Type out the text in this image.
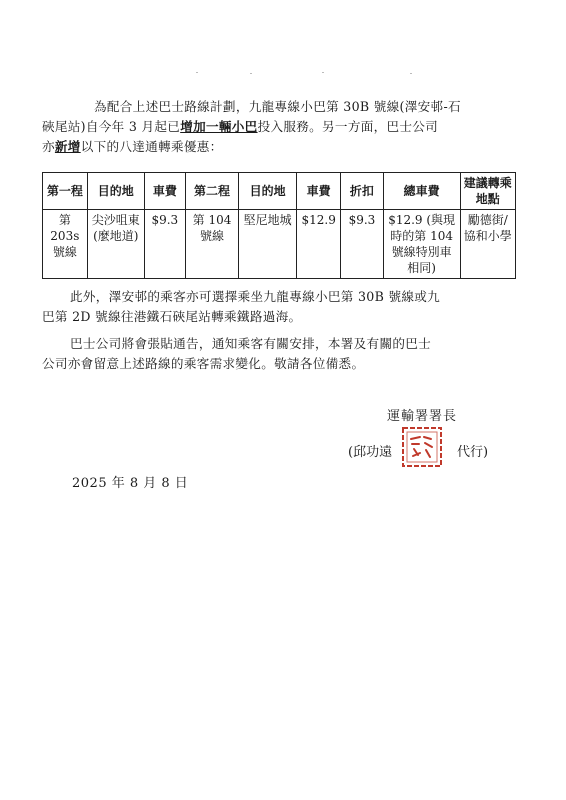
為配合上述巴士路線計劃，九龍專線小巴第 30B 號線(澤安邨-石
硤尾站)自今年 3 月起已增加一輛小巴投入服務。另一方面，巴士公司
亦新增以下的八達通轉乘優惠：
第一程	目的地	車費	第二程	目的地	車費	折扣	總車費	建議轉乘地點
第 203s 號線	尖沙咀東 (麼地道)	$9.3	第 104 號線	堅尼地城	$12.9	$9.3	$12.9 (與現時的第 104 號線特別車相同)	勵德街/協和小學
此外，澤安邨的乘客亦可選擇乘坐九龍專線小巴第 30B 號線或九
巴第 2D 號線往港鐵石硤尾站轉乘鐵路過海。
巴士公司將會張貼通告，通知乘客有關安排，本署及有關的巴士
公司亦會留意上述路線的乘客需求變化。敬請各位備悉。
運輸署署長
(邱功遠	代行)
2025 年 8 月 8 日
